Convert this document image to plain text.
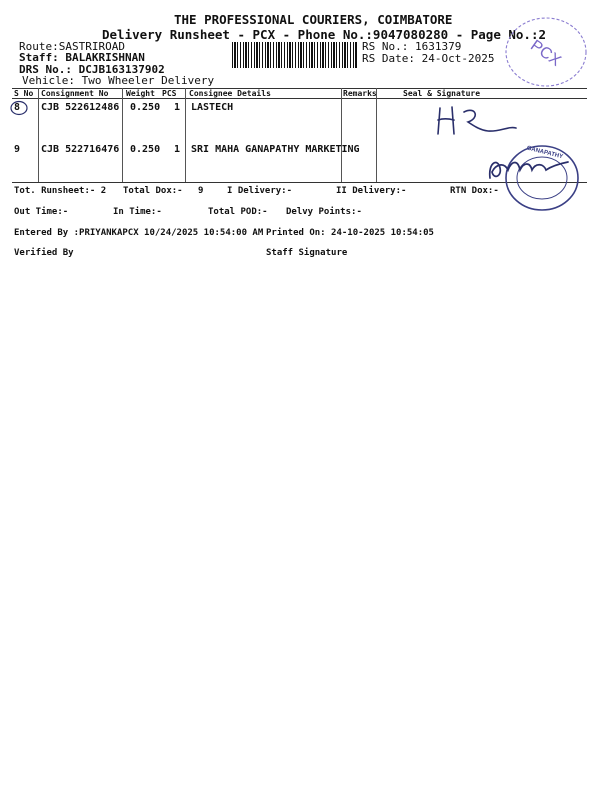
THE PROFESSIONAL COURIERS, COIMBATORE
Delivery Runsheet - PCX - Phone No.:9047080280 - Page No.:2
Route:SASTRIROAD
Staff: BALAKRISHNAN
DRS No.: DCJB163137902
Vehicle: Two Wheeler Delivery
RS No.: 1631379
RS Date: 24-Oct-2025 PCX
S No Consignment No Weight PCS Consignee Details	Remarks	Seal & Signature
8 CJB 522612486 0.250 1 LASTECH
9 CJB 522716476 0.250 1 SRI MAHA GANAPATHY MARKETING	GANAPATHY
Tot. Runsheet:- 2 Total Dox:- 9	I Delivery:-	II Delivery:-	RTN Dox:-
Out Time:-	In Time:-	Total POD:- Delvy Points:-
Entered By :PRIYANKAPCX 10/24/2025 10:54:00 AM Printed On: 24-10-2025 10:54:05
Verified By	Staff Signature
